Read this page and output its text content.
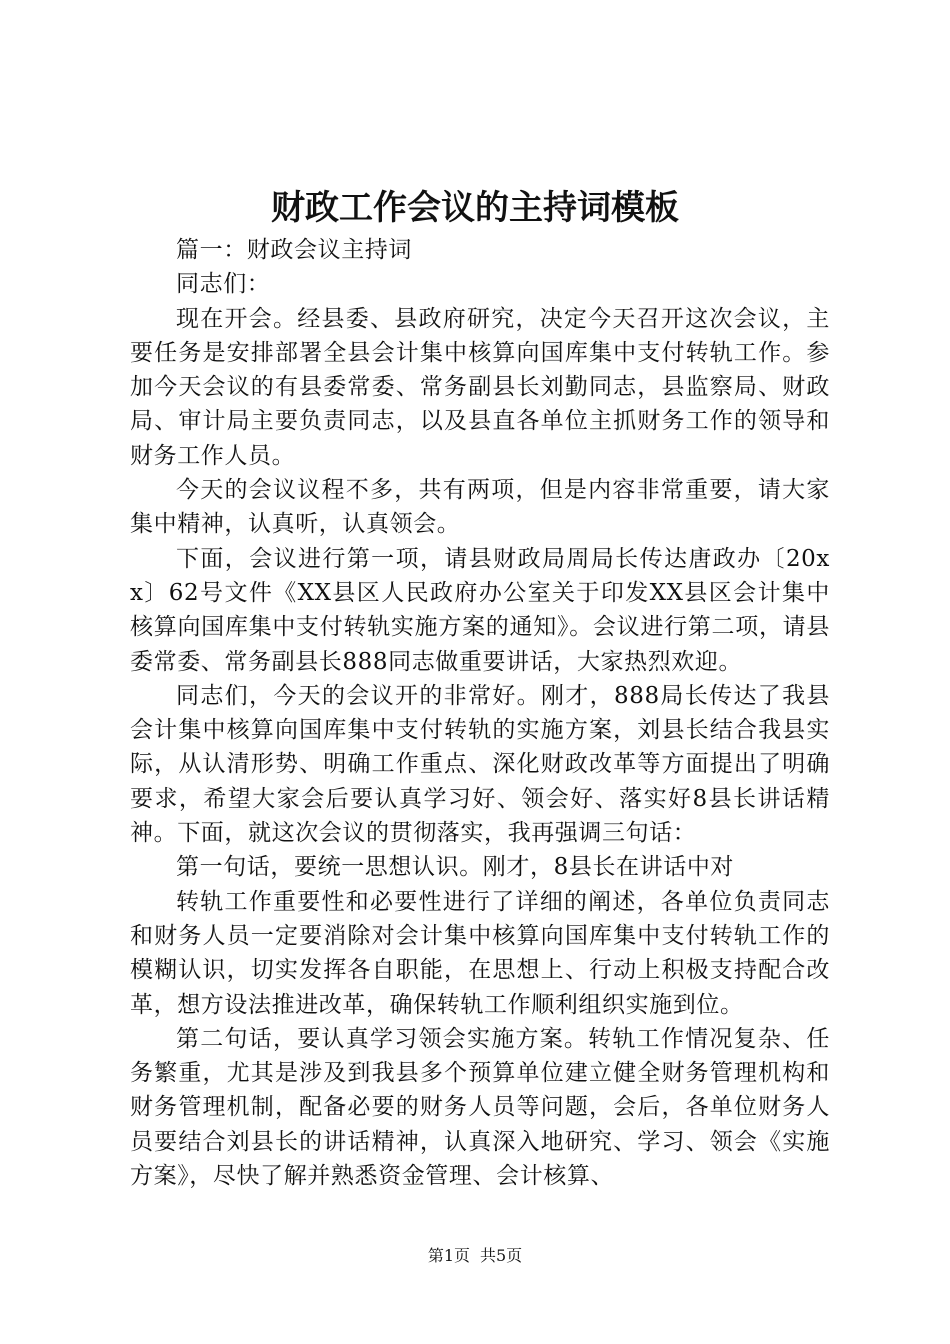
财政工作会议的主持词模板

篇一：财政会议主持词

同志们：

现在开会。经县委、县政府研究，决定今天召开这次会议，主要任务是安排部署全县会计集中核算向国库集中支付转轨工作。参加今天会议的有县委常委、常务副县长刘勤同志，县监察局、财政局、审计局主要负责同志，以及县直各单位主抓财务工作的领导和财务工作人员。

今天的会议议程不多，共有两项，但是内容非常重要，请大家集中精神，认真听，认真领会。

下面，会议进行第一项，请县财政局周局长传达唐政办〔20xx〕62号文件《XX县区人民政府办公室关于印发XX县区会计集中核算向国库集中支付转轨实施方案的通知》。会议进行第二项，请县委常委、常务副县长888同志做重要讲话，大家热烈欢迎。

同志们，今天的会议开的非常好。刚才，888局长传达了我县会计集中核算向国库集中支付转轨的实施方案，刘县长结合我县实际，从认清形势、明确工作重点、深化财政改革等方面提出了明确要求，希望大家会后要认真学习好、领会好、落实好8县长讲话精神。下面，就这次会议的贯彻落实，我再强调三句话：

第一句话，要统一思想认识。刚才，8县长在讲话中对

转轨工作重要性和必要性进行了详细的阐述，各单位负责同志和财务人员一定要消除对会计集中核算向国库集中支付转轨工作的模糊认识，切实发挥各自职能，在思想上、行动上积极支持配合改革，想方设法推进改革，确保转轨工作顺利组织实施到位。

第二句话，要认真学习领会实施方案。转轨工作情况复杂、任务繁重，尤其是涉及到我县多个预算单位建立健全财务管理机构和财务管理机制，配备必要的财务人员等问题，会后，各单位财务人员要结合刘县长的讲话精神，认真深入地研究、学习、领会《实施方案》，尽快了解并熟悉资金管理、会计核算、

第1页 共5页
